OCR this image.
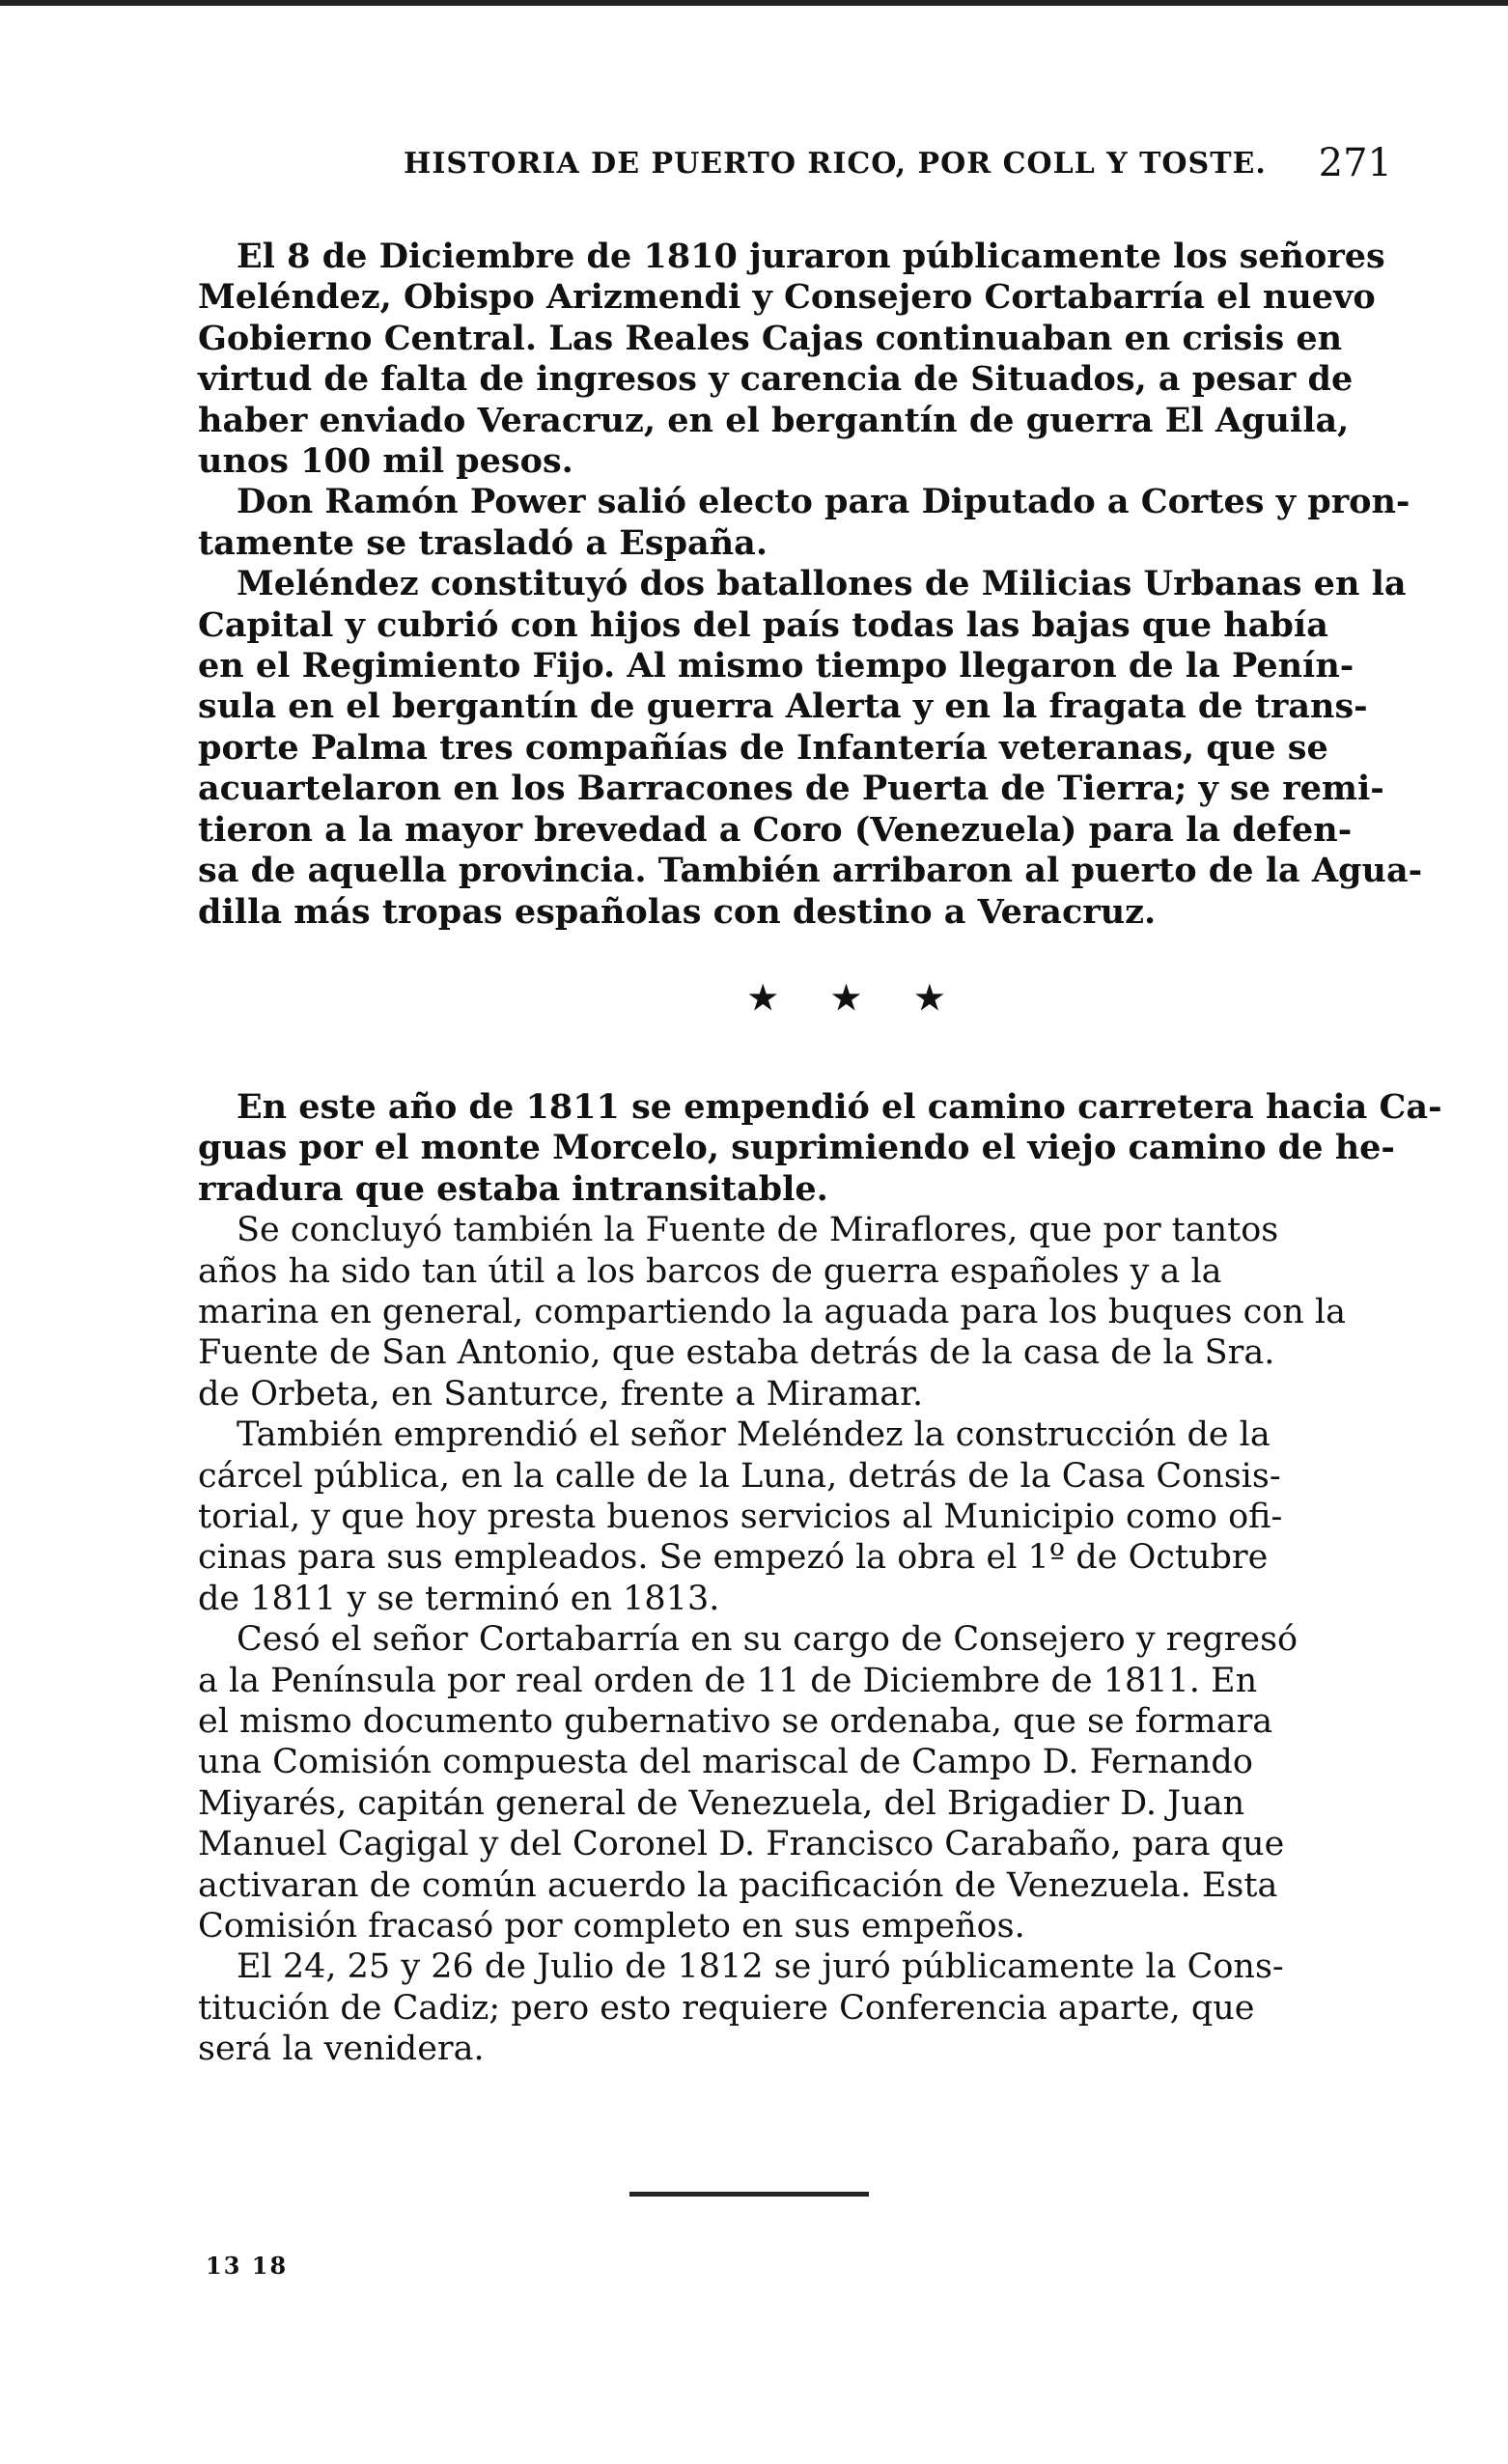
HISTORIA DE PUERTO RICO, POR COLL Y TOSTE. 271

El 8 de Diciembre de 1810 juraron públicamente los señores
Meléndez, Obispo Arizmendi y Consejero Cortabarría el nuevo
Gobierno Central. Las Reales Cajas continuaban en crisis en
virtud de falta de ingresos y carencia de Situados, a pesar de
haber enviado Veracruz, en el bergantín de guerra El Aguila,
unos 100 mil pesos.

Don Ramón Power salió electo para Diputado a Cortes y pron-
tamente se trasladó a España.

Meléndez constituyó dos batallones de Milicias Urbanas en la
Capital y cubrió con hijos del país todas las bajas que había
en el Regimiento Fijo. Al mismo tiempo llegaron de la Penín-
sula en el bergantín de guerra Alerta y en la fragata de trans-
porte Palma tres compañías de Infantería veteranas, que se
acuartelaron en los Barracones de Puerta de Tierra; y se remi-
tieron a la mayor brevedad a Coro (Venezuela) para la defen-
sa de aquella provincia. También arribaron al puerto de la Agua-
dilla más tropas españolas con destino a Veracruz.

★ ★ ★

En este año de 1811 se empendió el camino carretera hacia Ca-
guas por el monte Morcelo, suprimiendo el viejo camino de he-
rradura que estaba intransitable.

Se concluyó también la Fuente de Miraflores, que por tantos
años ha sido tan útil a los barcos de guerra españoles y a la
marina en general, compartiendo la aguada para los buques con la
Fuente de San Antonio, que estaba detrás de la casa de la Sra.
de Orbeta, en Santurce, frente a Miramar.

También emprendió el señor Meléndez la construcción de la
cárcel pública, en la calle de la Luna, detrás de la Casa Consis-
torial, y que hoy presta buenos servicios al Municipio como ofi-
cinas para sus empleados. Se empezó la obra el 1º de Octubre
de 1811 y se terminó en 1813.

Cesó el señor Cortabarría en su cargo de Consejero y regresó
a la Península por real orden de 11 de Diciembre de 1811. En
el mismo documento gubernativo se ordenaba, que se formara
una Comisión compuesta del mariscal de Campo D. Fernando
Miyarés, capitán general de Venezuela, del Brigadier D. Juan
Manuel Cagigal y del Coronel D. Francisco Carabaño, para que
activaran de común acuerdo la pacificación de Venezuela. Esta
Comisión fracasó por completo en sus empeños.

El 24, 25 y 26 de Julio de 1812 se juró públicamente la Cons-
titución de Cadiz; pero esto requiere Conferencia aparte, que
será la venidera.

13 18
